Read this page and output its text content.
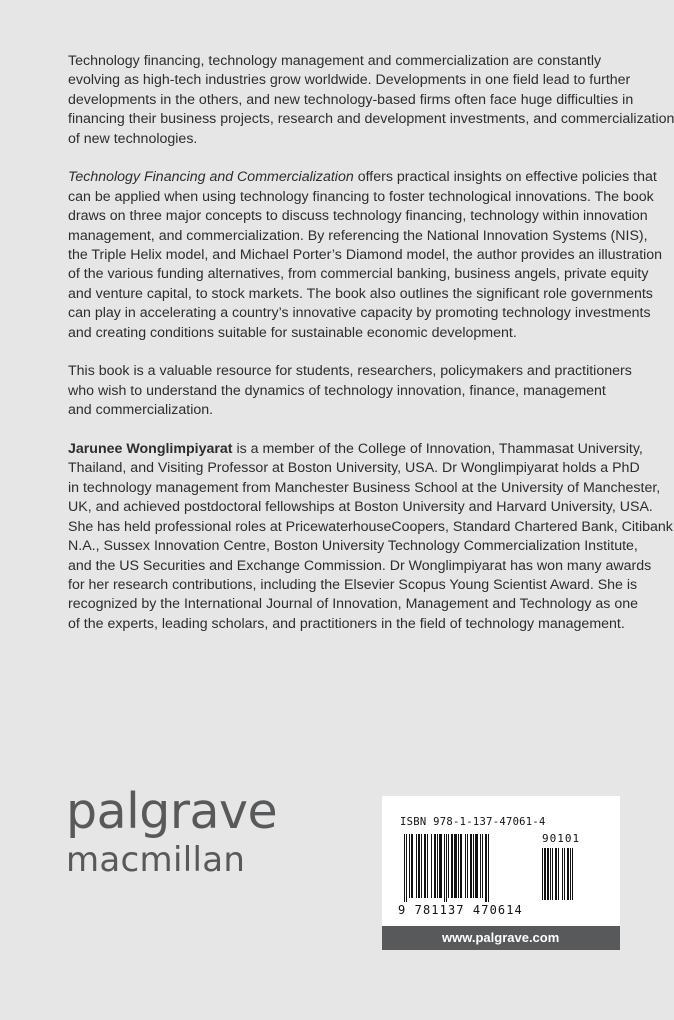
Technology financing, technology management and commercialization are constantly
evolving as high-tech industries grow worldwide. Developments in one field lead to further
developments in the others, and new technology-based firms often face huge difficulties in
financing their business projects, research and development investments, and commercialization
of new technologies.
Technology Financing and Commercialization offers practical insights on effective policies that
can be applied when using technology financing to foster technological innovations. The book
draws on three major concepts to discuss technology financing, technology within innovation
management, and commercialization. By referencing the National Innovation Systems (NIS),
the Triple Helix model, and Michael Porter’s Diamond model, the author provides an illustration
of the various funding alternatives, from commercial banking, business angels, private equity
and venture capital, to stock markets. The book also outlines the significant role governments
can play in accelerating a country’s innovative capacity by promoting technology investments
and creating conditions suitable for sustainable economic development.
This book is a valuable resource for students, researchers, policymakers and practitioners
who wish to understand the dynamics of technology innovation, finance, management
and commercialization.
Jarunee Wonglimpiyarat is a member of the College of Innovation, Thammasat University,
Thailand, and Visiting Professor at Boston University, USA. Dr Wonglimpiyarat holds a PhD
in technology management from Manchester Business School at the University of Manchester,
UK, and achieved postdoctoral fellowships at Boston University and Harvard University, USA.
She has held professional roles at PricewaterhouseCoopers, Standard Chartered Bank, Citibank
N.A., Sussex Innovation Centre, Boston University Technology Commercialization Institute,
and the US Securities and Exchange Commission. Dr Wonglimpiyarat has won many awards
for her research contributions, including the Elsevier Scopus Young Scientist Award. She is
recognized by the International Journal of Innovation, Management and Technology as one
of the experts, leading scholars, and practitioners in the field of technology management.
palgrave
macmillan
ISBN 978-1-137-47061-4
90101
9 781137 470614
www.palgrave.com
